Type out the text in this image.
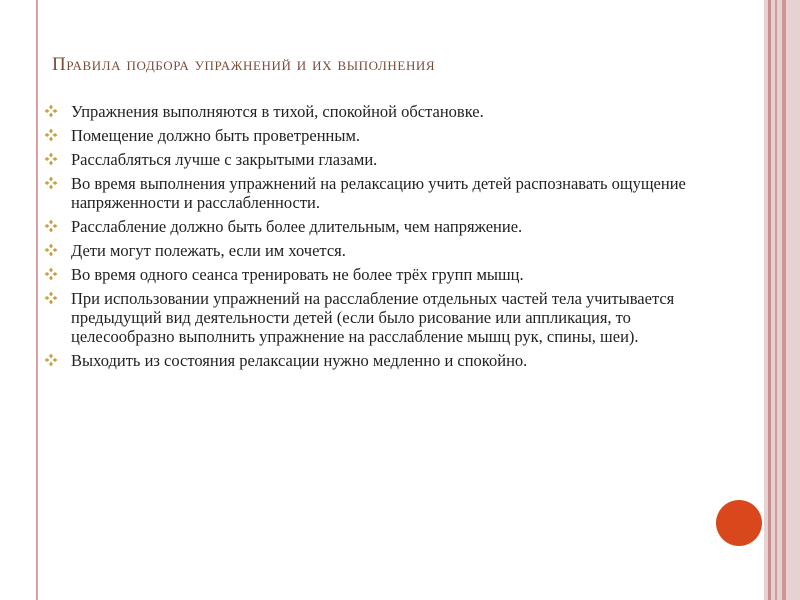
Правила подбора упражнений и их выполнения
Упражнения выполняются в тихой, спокойной обстановке.
Помещение должно быть проветренным.
Расслабляться лучше с закрытыми глазами.
Во время выполнения упражнений на релаксацию учить детей распознавать ощущение напряженности и расслабленности.
Расслабление должно быть более длительным, чем напряжение.
Дети могут полежать, если им хочется.
Во время одного сеанса тренировать не более трёх групп мышц.
При использовании упражнений на расслабление отдельных частей тела учитывается предыдущий вид деятельности детей (если было рисование или аппликация, то целесообразно выполнить упражнение на расслабление мышц рук, спины, шеи).
Выходить из состояния релаксации нужно медленно и спокойно.
